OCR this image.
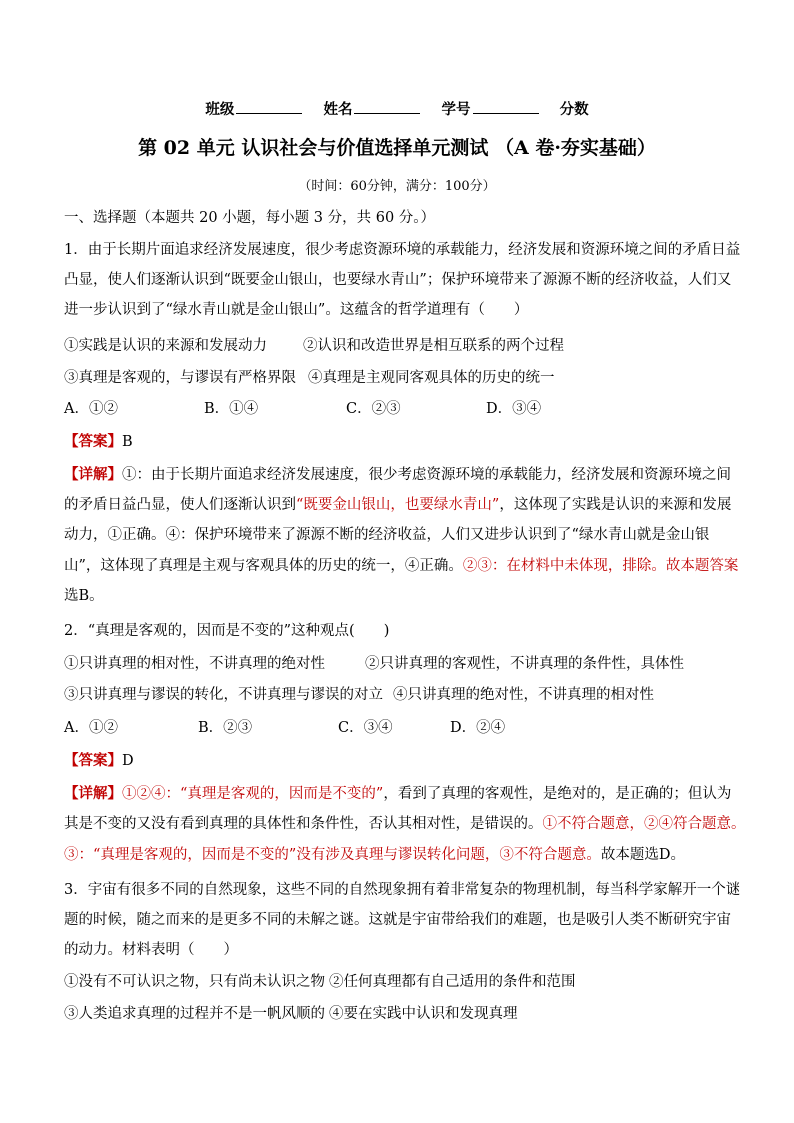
班级	姓名	学号	分数
第 02 单元 认识社会与价值选择单元测试 （A 卷·夯实基础）
（时间：60分钟，满分：100分）
一、选择题（本题共 20 小题，每小题 3 分，共 60 分。）
1．由于长期片面追求经济发展速度，很少考虑资源环境的承载能力，经济发展和资源环境之间的矛盾日益
凸显，使人们逐渐认识到“既要金山银山，也要绿水青山”；保护环境带来了源源不断的经济收益，人们又
进一步认识到了“绿水青山就是金山银山”。这蕴含的哲学道理有（　　）
①实践是认识的来源和发展动力 ②认识和改造世界是相互联系的两个过程
③真理是客观的，与谬误有严格界限 ④真理是主观同客观具体的历史的统一
A．①②	B．①④	C．②③	D．③④
【答案】B
【详解】①：由于长期片面追求经济发展速度，很少考虑资源环境的承载能力，经济发展和资源环境之间
的矛盾日益凸显，使人们逐渐认识到“既要金山银山，也要绿水青山”，这体现了实践是认识的来源和发展
动力，①正确。④：保护环境带来了源源不断的经济收益，人们又进步认识到了“绿水青山就是金山银
山”，这体现了真理是主观与客观具体的历史的统一，④正确。②③：在材料中未体现，排除。故本题答案
选B。
2．“真理是客观的，因而是不变的”这种观点(　　)
①只讲真理的相对性，不讲真理的绝对性	②只讲真理的客观性，不讲真理的条件性，具体性
③只讲真理与谬误的转化，不讲真理与谬误的对立 ④只讲真理的绝对性，不讲真理的相对性
A．①②	B．②③	C．③④	D．②④
【答案】D
【详解】①②④：“真理是客观的，因而是不变的”，看到了真理的客观性，是绝对的，是正确的；但认为
其是不变的又没有看到真理的具体性和条件性，否认其相对性，是错误的。①不符合题意，②④符合题意。
③：“真理是客观的，因而是不变的”没有涉及真理与谬误转化问题，③不符合题意。故本题选D。
3．宇宙有很多不同的自然现象，这些不同的自然现象拥有着非常复杂的物理机制，每当科学家解开一个谜
题的时候，随之而来的是更多不同的未解之谜。这就是宇宙带给我们的难题，也是吸引人类不断研究宇宙
的动力。材料表明（　　）
①没有不可认识之物，只有尚未认识之物 ②任何真理都有自己适用的条件和范围
③人类追求真理的过程并不是一帆风顺的 ④要在实践中认识和发现真理
